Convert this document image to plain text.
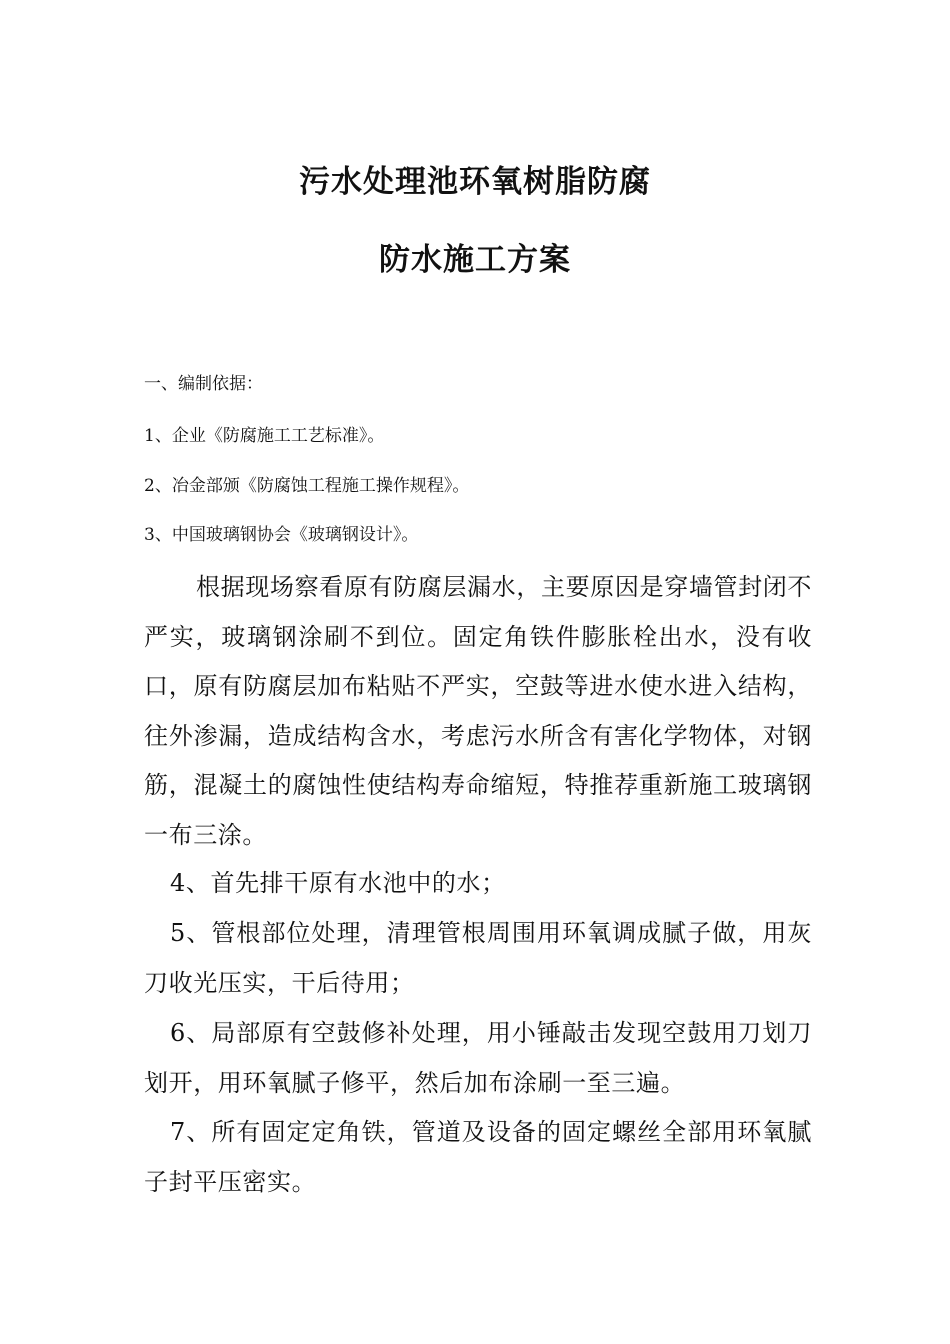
污水处理池环氧树脂防腐
防水施工方案
一、编制依据：
1、企业《防腐施工工艺标准》。
2、冶金部颁《防腐蚀工程施工操作规程》。
3、中国玻璃钢协会《玻璃钢设计》。
根据现场察看原有防腐层漏水，主要原因是穿墙管封闭不严实，玻璃钢涂刷不到位。固定角铁件膨胀栓出水，没有收口，原有防腐层加布粘贴不严实，空鼓等进水使水进入结构，往外渗漏，造成结构含水，考虑污水所含有害化学物体，对钢筋，混凝土的腐蚀性使结构寿命缩短，特推荐重新施工玻璃钢一布三涂。
4、首先排干原有水池中的水；
5、管根部位处理，清理管根周围用环氧调成腻子做，用灰刀收光压实，干后待用；
6、局部原有空鼓修补处理，用小锤敲击发现空鼓用刀划刀划开，用环氧腻子修平，然后加布涂刷一至三遍。
7、所有固定定角铁，管道及设备的固定螺丝全部用环氧腻子封平压密实。
